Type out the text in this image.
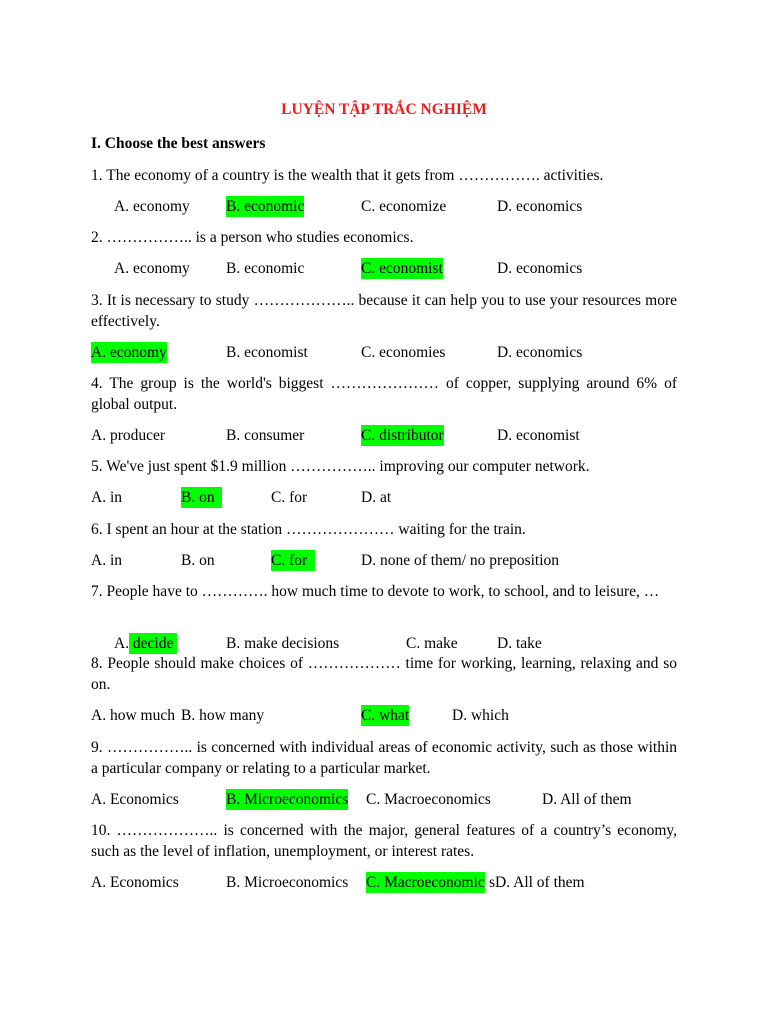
LUYỆN TẬP TRẮC NGHIỆM
I. Choose the best answers
1. The economy of a country is the wealth that it gets from ……………. activities.
A. economy B. economic	C. economize	D. economics
2. …………….. is a person who studies economics.
A. economy B. economic	C. economist	D. economics
3. It is necessary to study ……………….. because it can help you to use your resources more effectively.
A. economy	B. economist	C. economies	D. economics
4. The group is the world's biggest ………………… of copper, supplying around 6% of global output.
A. producer	B. consumer	C. distributor	D. economist
5. We've just spent $1.9 million …………….. improving our computer network.
A. in	B. on	C. for	D. at
6. I spent an hour at the station ………………… waiting for the train.
A. in	B. on	C. for	D. none of them/ no preposition
7. People have to …………. how much time to devote to work, to school, and to leisure, …
A. decide	B. make decisions	C. make	D. take
8. People should make choices of ……………… time for working, learning, relaxing and so on.
A. how much B. how many	C. what	D. which
9. …………….. is concerned with individual areas of economic activity, such as those within a particular company or relating to a particular market.
A. Economics	B. Microeconomics C. Macroeconomics	D. All of them
10. ……………….. is concerned with the major, general features of a country’s economy, such as the level of inflation, unemployment, or interest rates.
A. Economics	B. Microeconomics C. Macroeconomic sD. All of them
